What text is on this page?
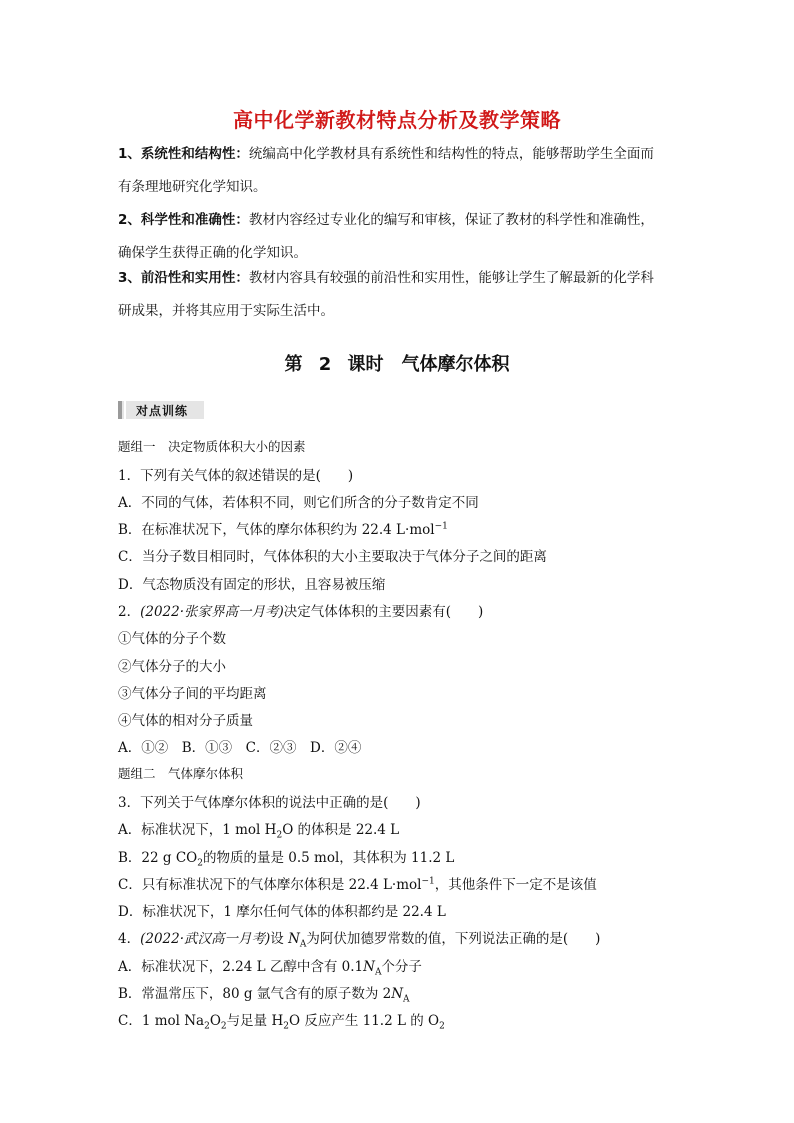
高中化学新教材特点分析及教学策略
1、系统性和结构性：统编高中化学教材具有系统性和结构性的特点，能够帮助学生全面而
有条理地研究化学知识。
2、科学性和准确性：教材内容经过专业化的编写和审核，保证了教材的科学性和准确性，
确保学生获得正确的化学知识。
3、前沿性和实用性：教材内容具有较强的前沿性和实用性，能够让学生了解最新的化学科
研成果，并将其应用于实际生活中。
第 2 课时　气体摩尔体积
对点训练
题组一　决定物质体积大小的因素
1．下列有关气体的叙述错误的是(　　)
A．不同的气体，若体积不同，则它们所含的分子数肯定不同
B．在标准状况下，气体的摩尔体积约为 22.4 L·mol$^{-1}$
C．当分子数目相同时，气体体积的大小主要取决于气体分子之间的距离
D．气态物质没有固定的形状，且容易被压缩
2．(2022·张家界高一月考)决定气体体积的主要因素有(　　)
①气体的分子个数
②气体分子的大小
③气体分子间的平均距离
④气体的相对分子质量
A．①②　B．①③　C．②③　D．②④
题组二　气体摩尔体积
3．下列关于气体摩尔体积的说法中正确的是(　　)
A．标准状况下，1 mol $H_2O$ 的体积是 22.4 L
B．22 g $CO_2$的物质的量是 0.5 mol，其体积为 11.2 L
C．只有标准状况下的气体摩尔体积是 22.4 L·mol$^{-1}$，其他条件下一定不是该值
D．标准状况下，1 摩尔任何气体的体积都约是 22.4 L
4．(2022·武汉高一月考)设 $N_A$为阿伏加德罗常数的值，下列说法正确的是(　　)
A．标准状况下，2.24 L 乙醇中含有 $0.1N_A$个分子
B．常温常压下，80 g 氩气含有的原子数为 $2N_A$
C．1 mol $Na_2O_2$与足量 $H_2O$ 反应产生 11.2 L 的 $O_2$
